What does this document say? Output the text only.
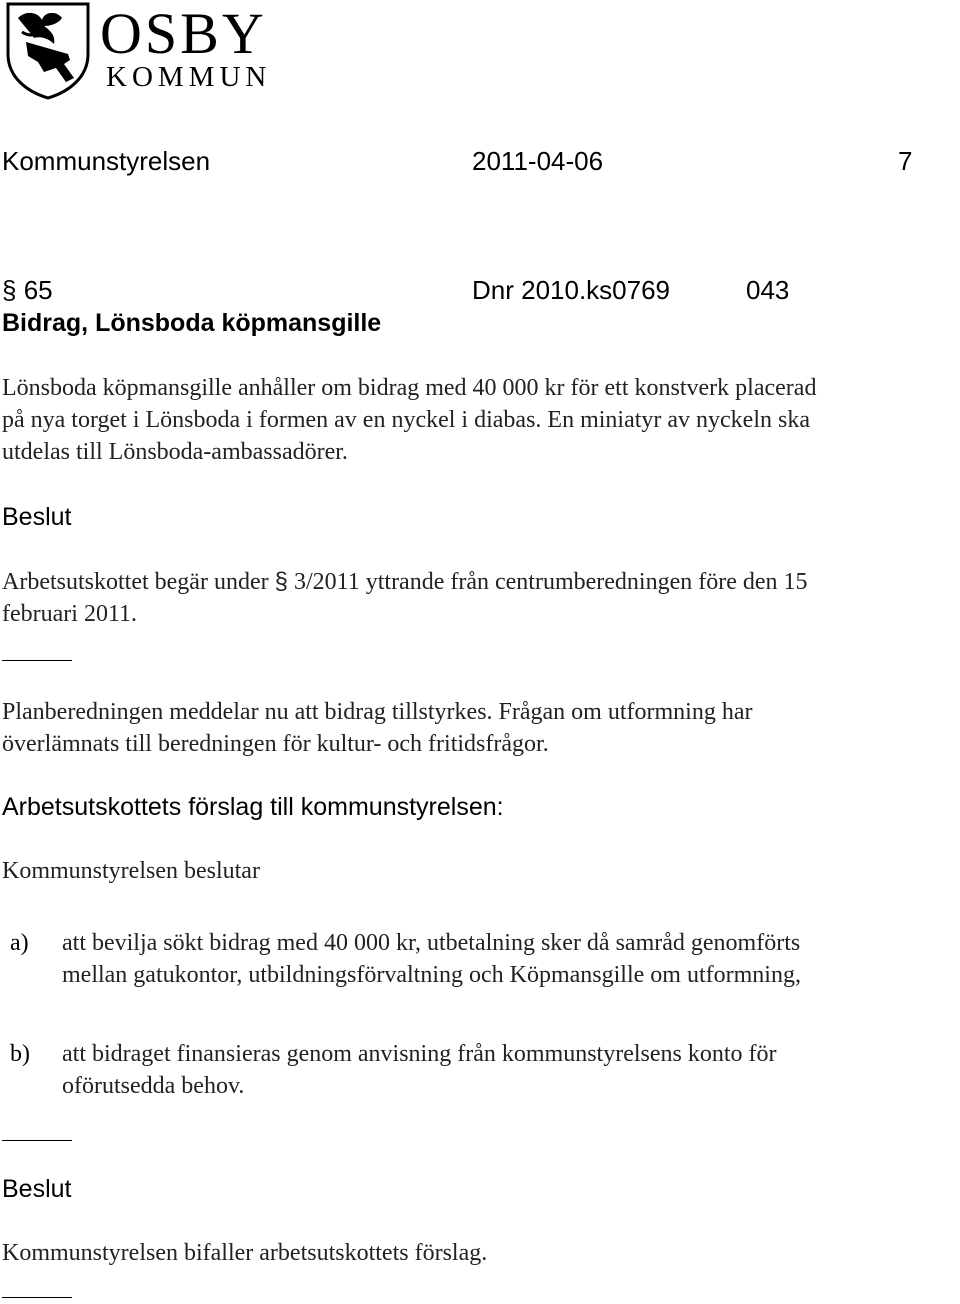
OSBY
KOMMUN
Kommunstyrelsen	2011-04-06	7
§ 65	Dnr 2010.ks0769	043
Bidrag, Lönsboda köpmansgille
Lönsboda köpmansgille anhåller om bidrag med 40 000 kr för ett konstverk placerad
på nya torget i Lönsboda i formen av en nyckel i diabas. En miniatyr av nyckeln ska
utdelas till Lönsboda-ambassadörer.
Beslut
Arbetsutskottet begär under § 3/2011 yttrande från centrumberedningen före den 15
februari 2011.
Planberedningen meddelar nu att bidrag tillstyrkes. Frågan om utformning har
överlämnats till beredningen för kultur- och fritidsfrågor.
Arbetsutskottets förslag till kommunstyrelsen:
Kommunstyrelsen beslutar
a) att bevilja sökt bidrag med 40 000 kr, utbetalning sker då samråd genomförts
mellan gatukontor, utbildningsförvaltning och Köpmansgille om utformning,
b) att bidraget finansieras genom anvisning från kommunstyrelsens konto för
oförutsedda behov.
Beslut
Kommunstyrelsen bifaller arbetsutskottets förslag.
